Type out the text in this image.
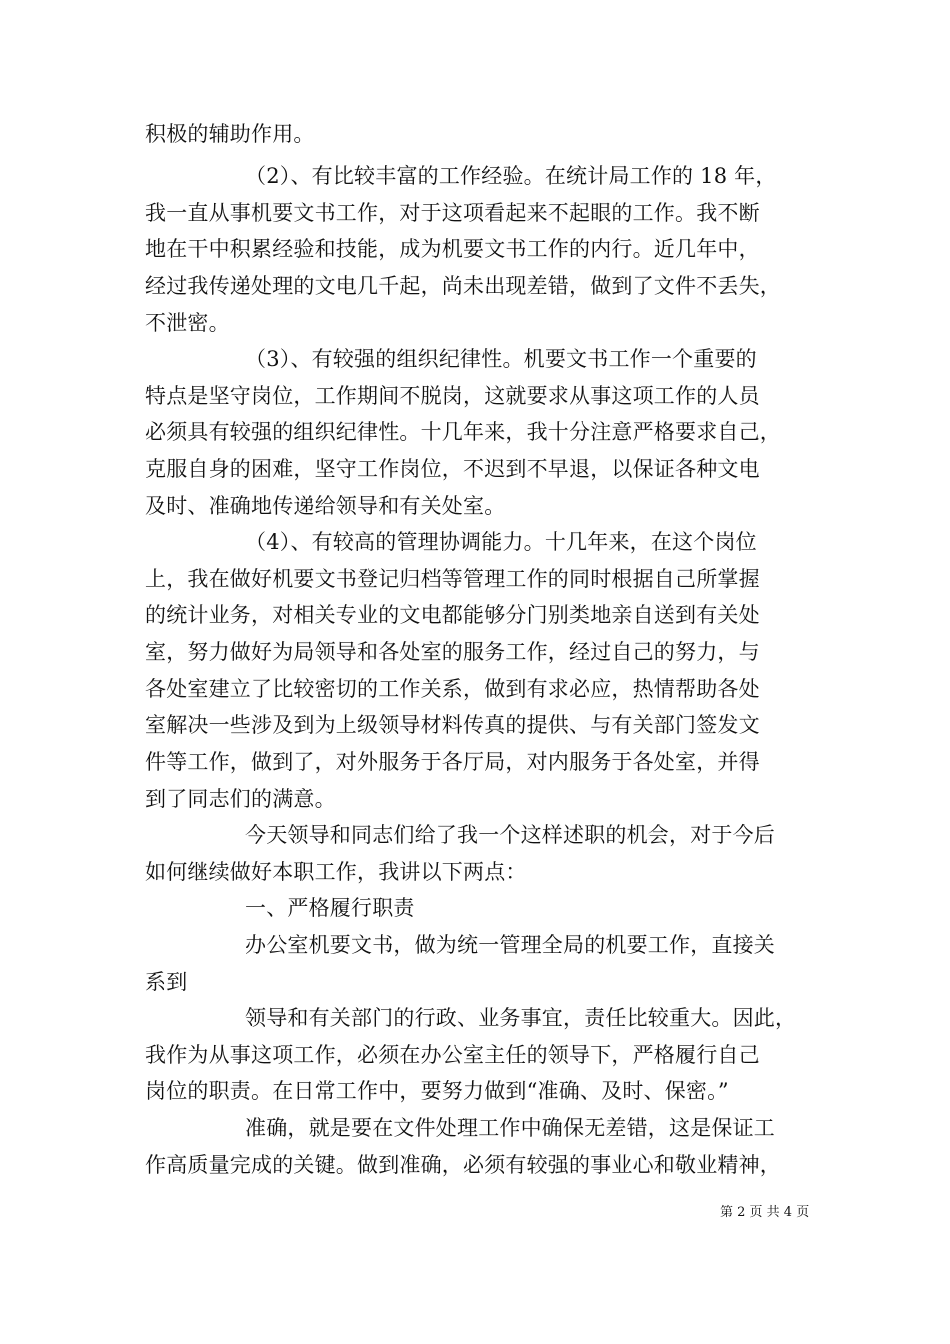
积极的辅助作用。
（2）、有比较丰富的工作经验。在统计局工作的 18 年，
我一直从事机要文书工作，对于这项看起来不起眼的工作。我不断
地在干中积累经验和技能，成为机要文书工作的内行。近几年中，
经过我传递处理的文电几千起，尚未出现差错，做到了文件不丢失，
不泄密。
（3）、有较强的组织纪律性。机要文书工作一个重要的
特点是坚守岗位，工作期间不脱岗，这就要求从事这项工作的人员
必须具有较强的组织纪律性。十几年来，我十分注意严格要求自己，
克服自身的困难，坚守工作岗位，不迟到不早退，以保证各种文电
及时、准确地传递给领导和有关处室。
（4）、有较高的管理协调能力。十几年来，在这个岗位
上，我在做好机要文书登记归档等管理工作的同时根据自己所掌握
的统计业务，对相关专业的文电都能够分门别类地亲自送到有关处
室，努力做好为局领导和各处室的服务工作，经过自己的努力，与
各处室建立了比较密切的工作关系，做到有求必应，热情帮助各处
室解决一些涉及到为上级领导材料传真的提供、与有关部门签发文
件等工作，做到了，对外服务于各厅局，对内服务于各处室，并得
到了同志们的满意。
今天领导和同志们给了我一个这样述职的机会，对于今后
如何继续做好本职工作，我讲以下两点：
一、严格履行职责
办公室机要文书，做为统一管理全局的机要工作，直接关
系到
领导和有关部门的行政、业务事宜，责任比较重大。因此，
我作为从事这项工作，必须在办公室主任的领导下，严格履行自己
岗位的职责。在日常工作中，要努力做到“准确、及时、保密。”
准确，就是要在文件处理工作中确保无差错，这是保证工
作高质量完成的关键。做到准确，必须有较强的事业心和敬业精神，
第 2 页 共 4 页
